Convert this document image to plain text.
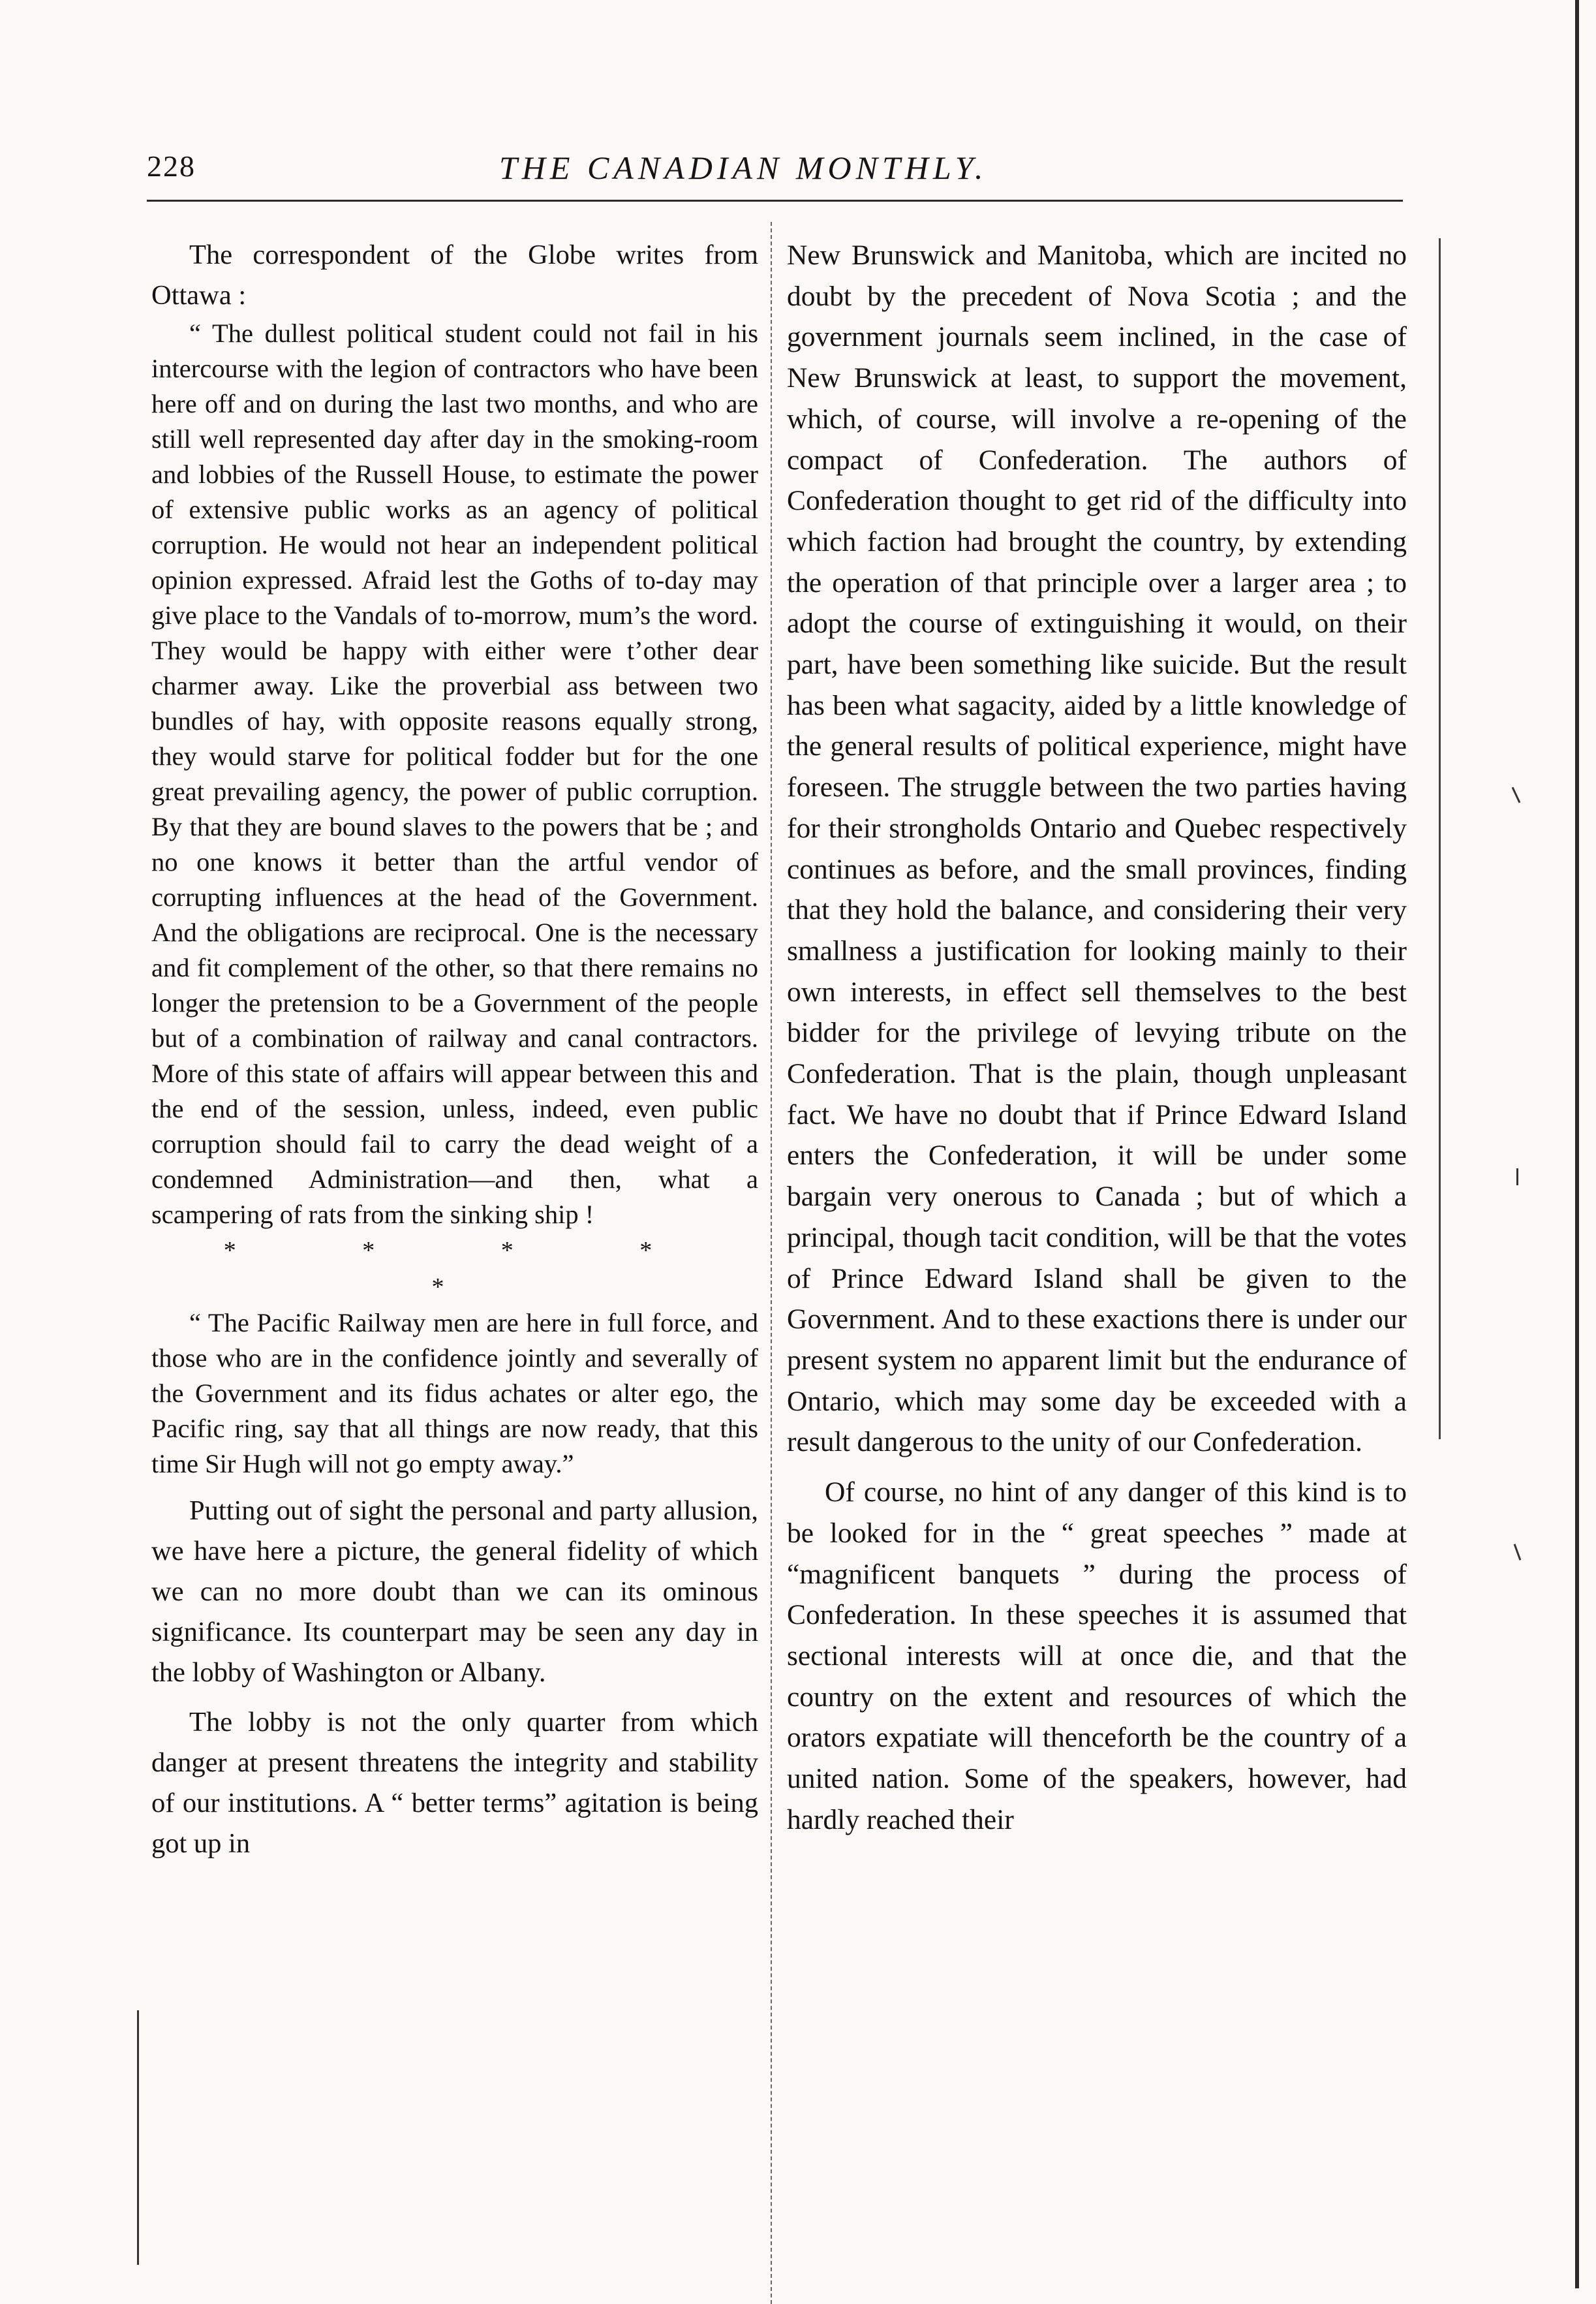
228	THE CANADIAN MONTHLY.

The correspondent of the Globe writes from Ottawa :

“ The dullest political student could not fail in his intercourse with the legion of contractors who have been here off and on during the last two months, and who are still well represented day after day in the smoking-room and lobbies of the Russell House, to estimate the power of extensive public works as an agency of political corruption. He would not hear an independent political opinion expressed. Afraid lest the Goths of to-day may give place to the Vandals of to-morrow, mum’s the word. They would be happy with either were t’other dear charmer away. Like the proverbial ass between two bundles of hay, with opposite reasons equally strong, they would starve for political fodder but for the one great prevailing agency, the power of public corruption. By that they are bound slaves to the powers that be ; and no one knows it better than the artful vendor of corrupting influences at the head of the Government. And the obligations are reciprocal. One is the necessary and fit complement of the other, so that there remains no longer the pretension to be a Government of the people but of a combination of railway and canal contractors. More of this state of affairs will appear between this and the end of the session, unless, indeed, even public corruption should fail to carry the dead weight of a condemned Administration—and then, what a scampering of rats from the sinking ship !

* * * * *

“ The Pacific Railway men are here in full force, and those who are in the confidence jointly and severally of the Government and its fidus achates or alter ego, the Pacific ring, say that all things are now ready, that this time Sir Hugh will not go empty away.”

Putting out of sight the personal and party allusion, we have here a picture, the general fidelity of which we can no more doubt than we can its ominous significance. Its counterpart may be seen any day in the lobby of Washington or Albany.

The lobby is not the only quarter from which danger at present threatens the integrity and stability of our institutions. A “ better terms” agitation is being got up in

New Brunswick and Manitoba, which are incited no doubt by the precedent of Nova Scotia ; and the government journals seem inclined, in the case of New Brunswick at least, to support the movement, which, of course, will involve a re-opening of the compact of Confederation. The authors of Confederation thought to get rid of the difficulty into which faction had brought the country, by extending the operation of that principle over a larger area ; to adopt the course of extinguishing it would, on their part, have been something like suicide. But the result has been what sagacity, aided by a little knowledge of the general results of political experience, might have foreseen. The struggle between the two parties having for their strongholds Ontario and Quebec respectively continues as before, and the small provinces, finding that they hold the balance, and considering their very smallness a justification for looking mainly to their own interests, in effect sell themselves to the best bidder for the privilege of levying tribute on the Confederation. That is the plain, though unpleasant fact. We have no doubt that if Prince Edward Island enters the Confederation, it will be under some bargain very onerous to Canada ; but of which a principal, though tacit condition, will be that the votes of Prince Edward Island shall be given to the Government. And to these exactions there is under our present system no apparent limit but the endurance of Ontario, which may some day be exceeded with a result dangerous to the unity of our Confederation.

Of course, no hint of any danger of this kind is to be looked for in the “ great speeches ” made at “magnificent banquets ” during the process of Confederation. In these speeches it is assumed that sectional interests will at once die, and that the country on the extent and resources of which the orators expatiate will thenceforth be the country of a united nation. Some of the speakers, however, had hardly reached their
